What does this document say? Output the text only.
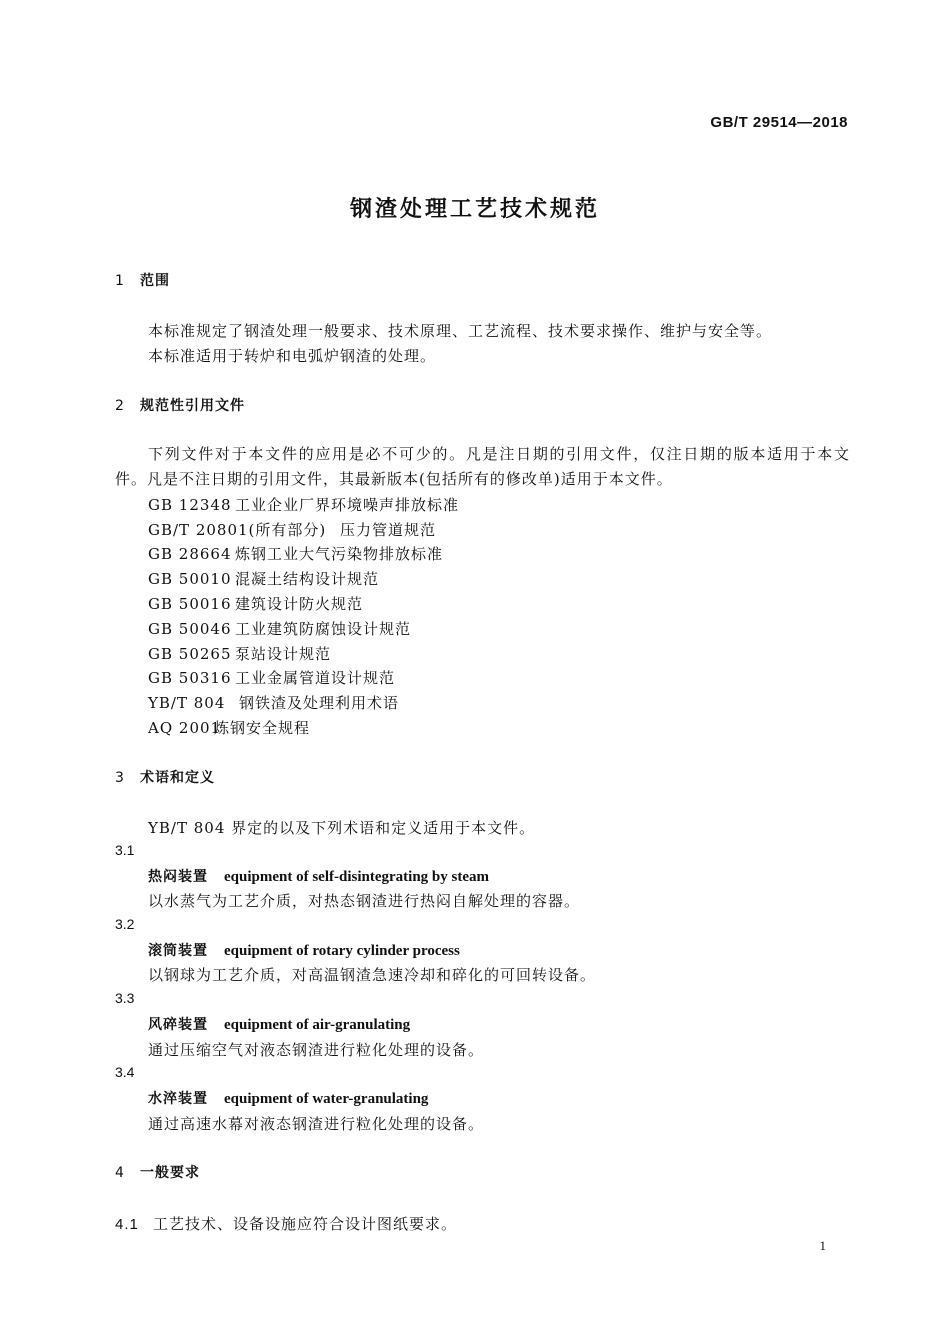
GB/T 29514—2018
钢渣处理工艺技术规范
1 范围
本标准规定了钢渣处理一般要求、技术原理、工艺流程、技术要求操作、维护与安全等。
本标准适用于转炉和电弧炉钢渣的处理。
2 规范性引用文件
下列文件对于本文件的应用是必不可少的。凡是注日期的引用文件，仅注日期的版本适用于本文件。凡是不注日期的引用文件，其最新版本(包括所有的修改单)适用于本文件。
GB 12348 工业企业厂界环境噪声排放标准
GB/T 20801(所有部分) 压力管道规范
GB 28664 炼钢工业大气污染物排放标准
GB 50010 混凝土结构设计规范
GB 50016 建筑设计防火规范
GB 50046 工业建筑防腐蚀设计规范
GB 50265 泵站设计规范
GB 50316 工业金属管道设计规范
YB/T 804 钢铁渣及处理利用术语
AQ 2001炼钢安全规程
3 术语和定义
YB/T 804 界定的以及下列术语和定义适用于本文件。
3.1
热闷装置 equipment of self-disintegrating by steam
以水蒸气为工艺介质，对热态钢渣进行热闷自解处理的容器。
3.2
滚筒装置 equipment of rotary cylinder process
以钢球为工艺介质，对高温钢渣急速冷却和碎化的可回转设备。
3.3
风碎装置 equipment of air-granulating
通过压缩空气对液态钢渣进行粒化处理的设备。
3.4
水淬装置 equipment of water-granulating
通过高速水幕对液态钢渣进行粒化处理的设备。
4 一般要求
4.1 工艺技术、设备设施应符合设计图纸要求。
1
